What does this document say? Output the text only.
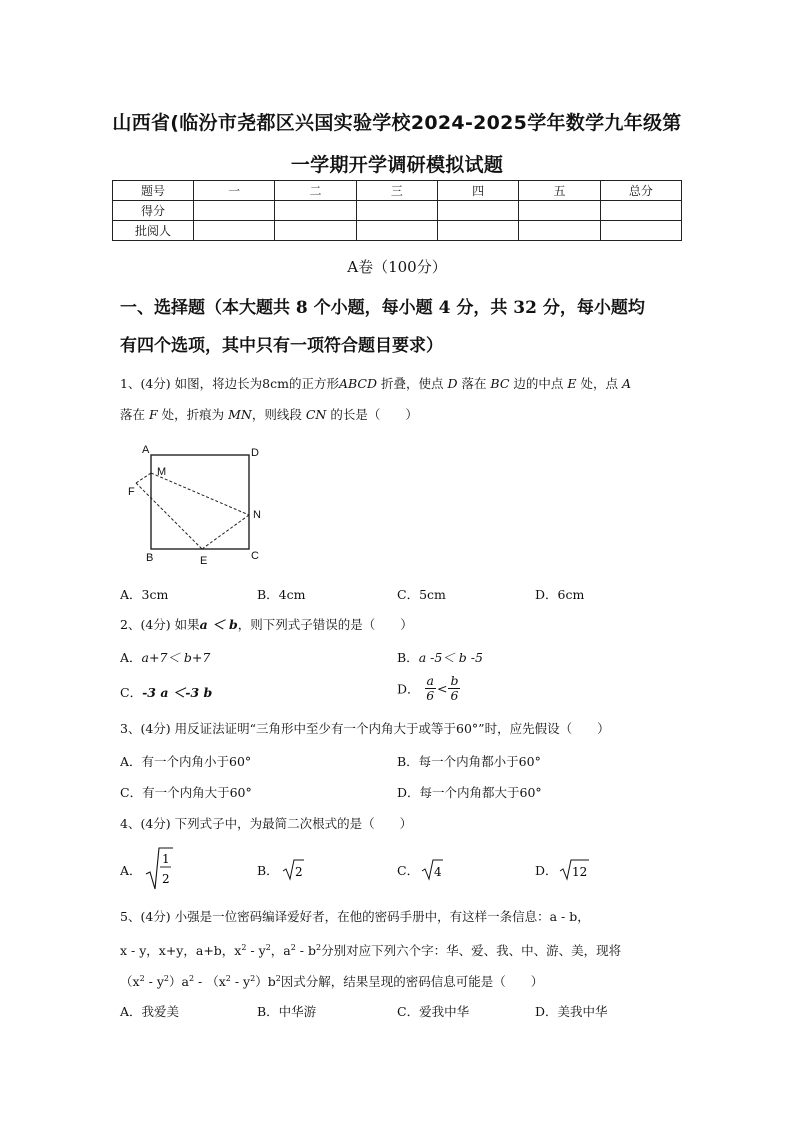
山西省(临汾市尧都区兴国实验学校2024-2025学年数学九年级第
一学期开学调研模拟试题
题号	一	二	三	四	五	总分
得分						
批阅人						
A卷（100分）
一、选择题（本大题共 8 个小题，每小题 4 分，共 32 分，每小题均
有四个选项，其中只有一项符合题目要求）
1、(4分) 如图，将边长为8cm的正方形ABCD 折叠，使点 D 落在 BC 边的中点 E 处，点 A
落在 F 处，折痕为 MN，则线段 CN 的长是（　　）
A	D
M
F
N
B	E	C
A．3cm	B．4cm	C．5cm	D．6cm
2、(4分) 如果a ＜ b，则下列式子错误的是（　　）
A．a+7＜ b+7	B．a -5＜ b -5
C．-3 a ＜-3 b	D． $\frac{a}{6} < \frac{b}{6}$
3、(4分) 用反证法证明“三角形中至少有一个内角大于或等于60°”时，应先假设（　　）
A．有一个内角小于60°	B．每一个内角都小于60°
C．有一个内角大于60°	D．每一个内角都大于60°
4、(4分) 下列式子中，为最简二次根式的是（　　）
A．
1
2
B． 2	C． 4	D． 12
5、(4分) 小强是一位密码编译爱好者，在他的密码手册中，有这样一条信息：a - b，
x - y，x+y，a+b，$x^2 - y^2$，$a^2 - b^2$分别对应下列六个字：华、爱、我、中、游、美，现将
$(x^2 - y^2)a^2 - (x^2 - y^2)b^2$因式分解，结果呈现的密码信息可能是（　　）
A．我爱美	B．中华游	C．爱我中华	D．美我中华
